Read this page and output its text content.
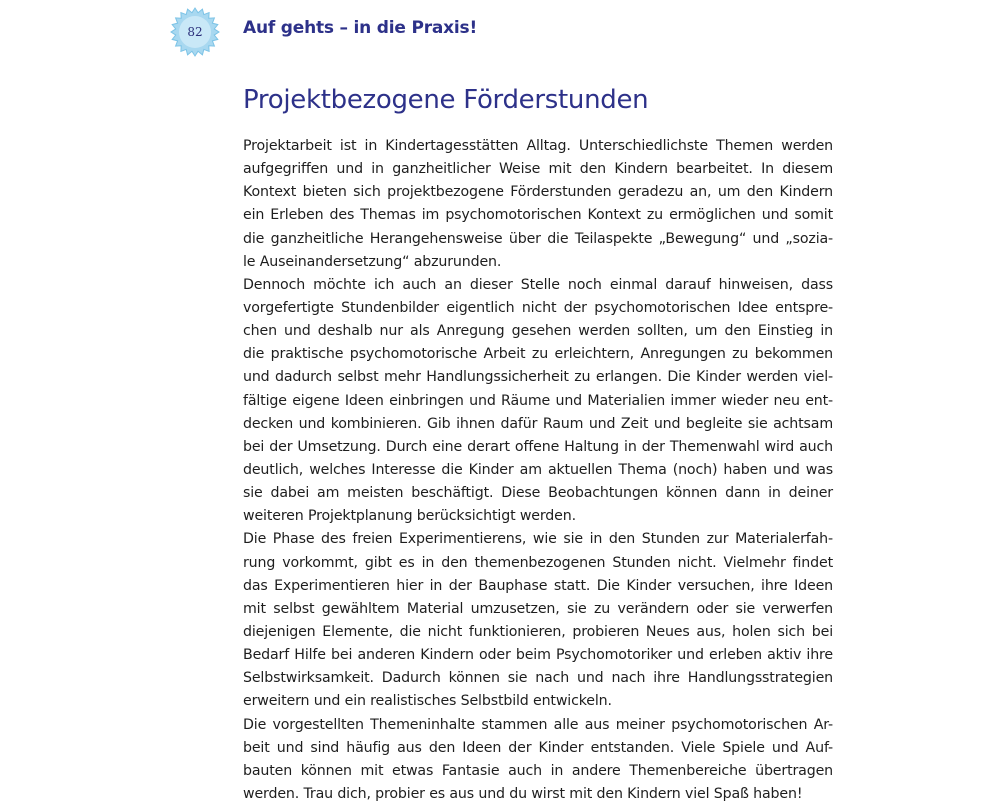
82	Auf gehts – in die Praxis!
Projektbezogene Förderstunden
Projektarbeit ist in Kindertagesstätten Alltag. Unterschiedlichste Themen werden
aufgegriffen und in ganzheitlicher Weise mit den Kindern bearbeitet. In diesem
Kontext bieten sich projektbezogene Förderstunden geradezu an, um den Kindern
ein Erleben des Themas im psychomotorischen Kontext zu ermöglichen und somit
die ganzheitliche Herangehensweise über die Teilaspekte „Bewegung“ und „sozia-
le Auseinandersetzung“ abzurunden.
Dennoch möchte ich auch an dieser Stelle noch einmal darauf hinweisen, dass
vorgefertigte Stundenbilder eigentlich nicht der psychomotorischen Idee entspre-
chen und deshalb nur als Anregung gesehen werden sollten, um den Einstieg in
die praktische psychomotorische Arbeit zu erleichtern, Anregungen zu bekommen
und dadurch selbst mehr Handlungssicherheit zu erlangen. Die Kinder werden viel-
fältige eigene Ideen einbringen und Räume und Materialien immer wieder neu ent-
decken und kombinieren. Gib ihnen dafür Raum und Zeit und begleite sie achtsam
bei der Umsetzung. Durch eine derart offene Haltung in der Themenwahl wird auch
deutlich, welches Interesse die Kinder am aktuellen Thema (noch) haben und was
sie dabei am meisten beschäftigt. Diese Beobachtungen können dann in deiner
weiteren Projektplanung berücksichtigt werden.
Die Phase des freien Experimentierens, wie sie in den Stunden zur Materialerfah-
rung vorkommt, gibt es in den themenbezogenen Stunden nicht. Vielmehr findet
das Experimentieren hier in der Bauphase statt. Die Kinder versuchen, ihre Ideen
mit selbst gewähltem Material umzusetzen, sie zu verändern oder sie verwerfen
diejenigen Elemente, die nicht funktionieren, probieren Neues aus, holen sich bei
Bedarf Hilfe bei anderen Kindern oder beim Psychomotoriker und erleben aktiv ihre
Selbstwirksamkeit. Dadurch können sie nach und nach ihre Handlungsstrategien
erweitern und ein realistisches Selbstbild entwickeln.
Die vorgestellten Themeninhalte stammen alle aus meiner psychomotorischen Ar-
beit und sind häufig aus den Ideen der Kinder entstanden. Viele Spiele und Auf-
bauten können mit etwas Fantasie auch in andere Themenbereiche übertragen
werden. Trau dich, probier es aus und du wirst mit den Kindern viel Spaß haben!
